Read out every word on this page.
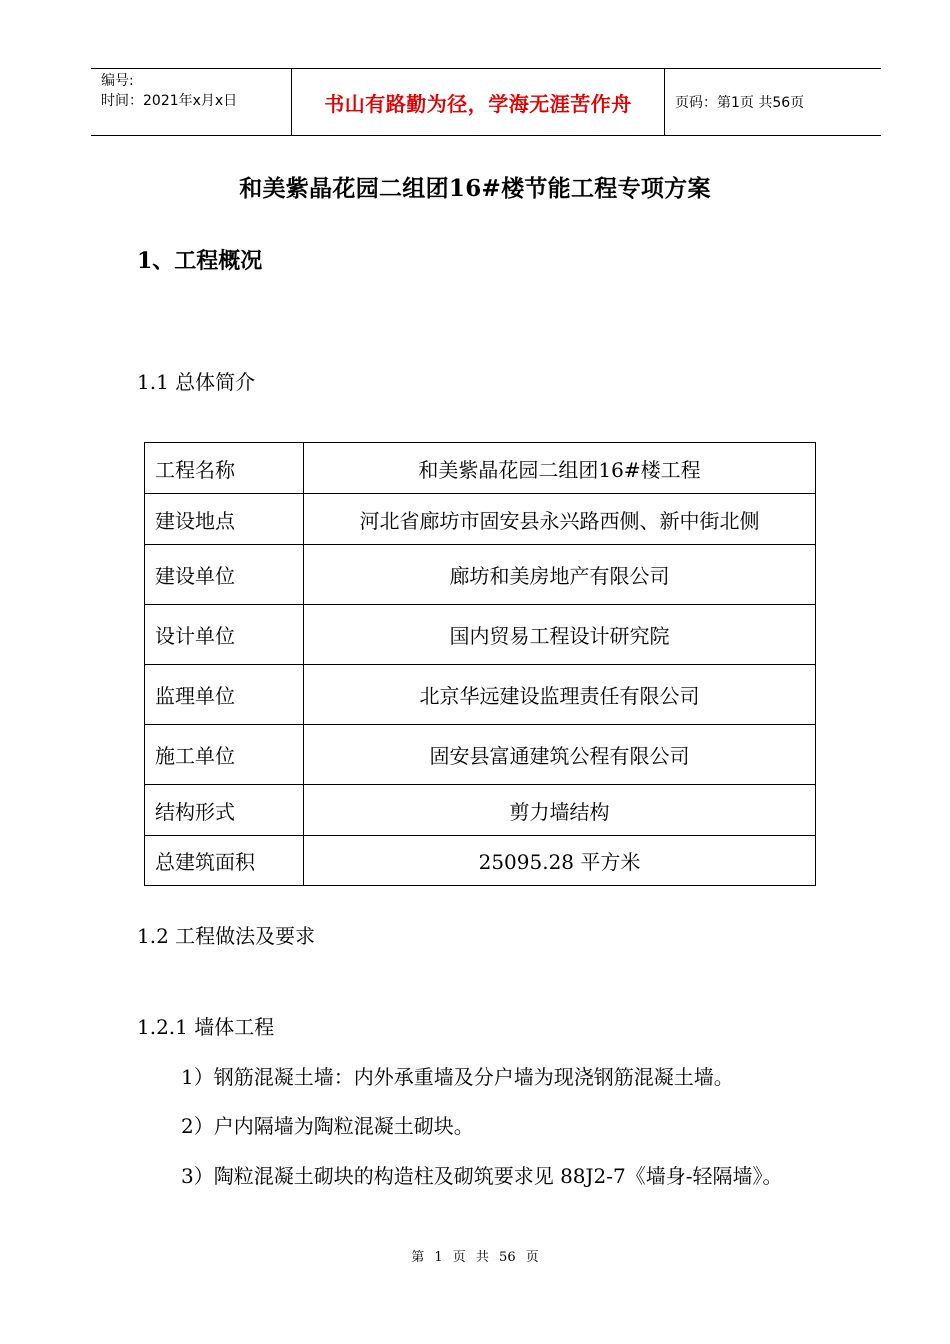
编号:
时间：2021年x月x日	书山有路勤为径，学海无涯苦作舟	页码：第1页 共56页
和美紫晶花园二组团16#楼节能工程专项方案
1、工程概况
1.1 总体简介
工程名称	和美紫晶花园二组团16#楼工程
建设地点	河北省廊坊市固安县永兴路西侧、新中街北侧
建设单位	廊坊和美房地产有限公司
设计单位	国内贸易工程设计研究院
监理单位	北京华远建设监理责任有限公司
施工单位	固安县富通建筑公程有限公司
结构形式	剪力墙结构
总建筑面积	25095.28 平方米
1.2 工程做法及要求
1.2.1 墙体工程
1）钢筋混凝土墙：内外承重墙及分户墙为现浇钢筋混凝土墙。
2）户内隔墙为陶粒混凝土砌块。
3）陶粒混凝土砌块的构造柱及砌筑要求见 88J2-7《墙身-轻隔墙》。
第 1 页 共 56 页
